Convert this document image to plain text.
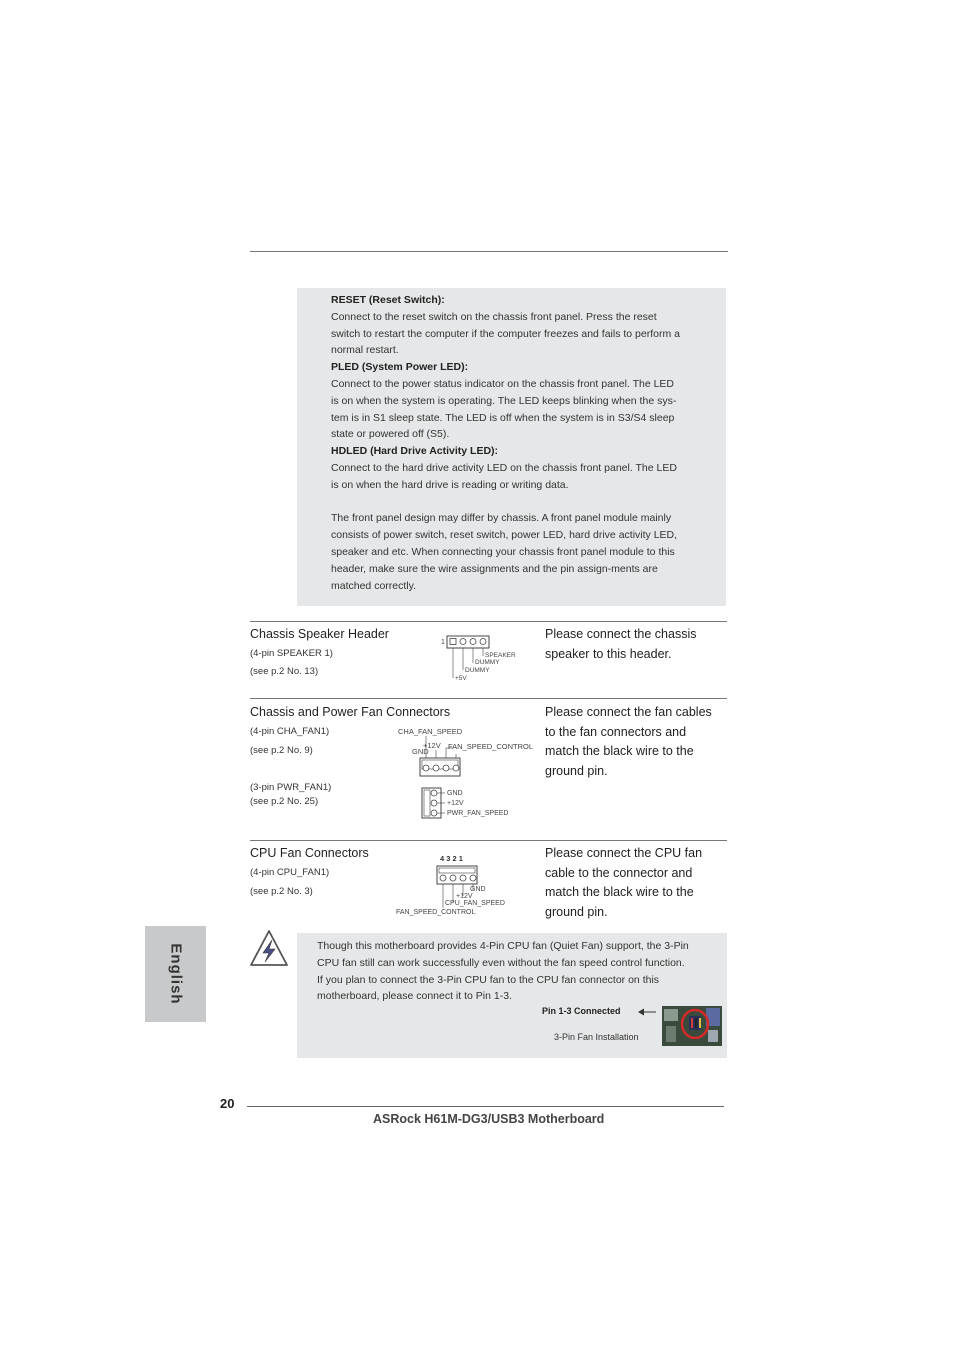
RESET (Reset Switch):

Connect to the reset switch on the chassis front panel. Press the reset

switch to restart the computer if the computer freezes and fails to perform a

normal restart.

PLED (System Power LED):

Connect to the power status indicator on the chassis front panel. The LED

is on when the system is operating. The LED keeps blinking when the sys-

tem is in S1 sleep state. The LED is off when the system is in S3/S4 sleep

state or powered off (S5).

HDLED (Hard Drive Activity LED):

Connect to the hard drive activity LED on the chassis front panel. The LED

is on when the hard drive is reading or writing data.

The front panel design may differ by chassis. A front panel module mainly

consists of power switch, reset switch, power LED, hard drive activity LED,

speaker and etc. When connecting your chassis front panel module to this

header, make sure the wire assignments and the pin assign-ments are

matched correctly.

Chassis Speaker Header
(4-pin SPEAKER 1)
(see p.2 No. 13)
Please connect the chassis
speaker to this header.
1
SPEAKER
DUMMY
DUMMY
+5V
Chassis and Power Fan Connectors
(4-pin CHA_FAN1)
(see p.2 No. 9)
(3-pin PWR_FAN1)
(see p.2 No. 25)
Please connect the fan cables
to the fan connectors and
match the black wire to the
ground pin.
CHA_FAN_SPEED
+12V FAN_SPEED_CONTROL
GND
GND
+12V
PWR_FAN_SPEED
CPU Fan Connectors
(4-pin CPU_FAN1)
(see p.2 No. 3)
Please connect the CPU fan
cable to the connector and
match the black wire to the
ground pin.
4 3 2 1
GND
+12V
CPU_FAN_SPEED
FAN_SPEED_CONTROL

Though this motherboard provides 4-Pin CPU fan (Quiet Fan) support, the 3-Pin

CPU fan still can work successfully even without the fan speed control function.

If you plan to connect the 3-Pin CPU fan to the CPU fan connector on this

motherboard, please connect it to Pin 1-3.

Pin 1-3 Connected
3-Pin Fan Installation
English
20
ASRock H61M-DG3/USB3 Motherboard
